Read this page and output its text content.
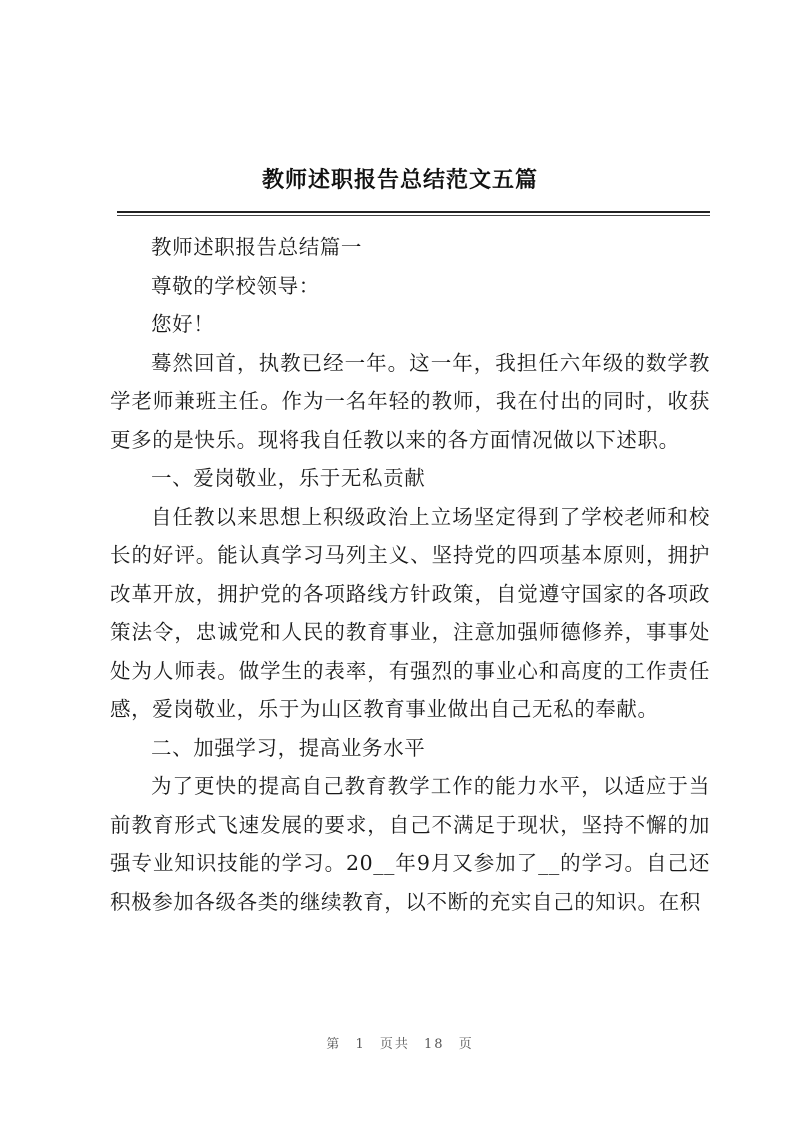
教师述职报告总结范文五篇

教师述职报告总结篇一

尊敬的学校领导：

您好！

蓦然回首，执教已经一年。这一年，我担任六年级的数学教学老师兼班主任。作为一名年轻的教师，我在付出的同时，收获更多的是快乐。现将我自任教以来的各方面情况做以下述职。

一、爱岗敬业，乐于无私贡献

自任教以来思想上积级政治上立场坚定得到了学校老师和校长的好评。能认真学习马列主义、坚持党的四项基本原则，拥护改革开放，拥护党的各项路线方针政策，自觉遵守国家的各项政策法令，忠诚党和人民的教育事业，注意加强师德修养，事事处处为人师表。做学生的表率，有强烈的事业心和高度的工作责任感，爱岗敬业，乐于为山区教育事业做出自己无私的奉献。

二、加强学习，提高业务水平

为了更快的提高自己教育教学工作的能力水平，以适应于当前教育形式飞速发展的要求，自己不满足于现状，坚持不懈的加强专业知识技能的学习。20__年9月又参加了__的学习。自己还积极参加各级各类的继续教育，以不断的充实自己的知识。在积

第 1 页共 18 页
